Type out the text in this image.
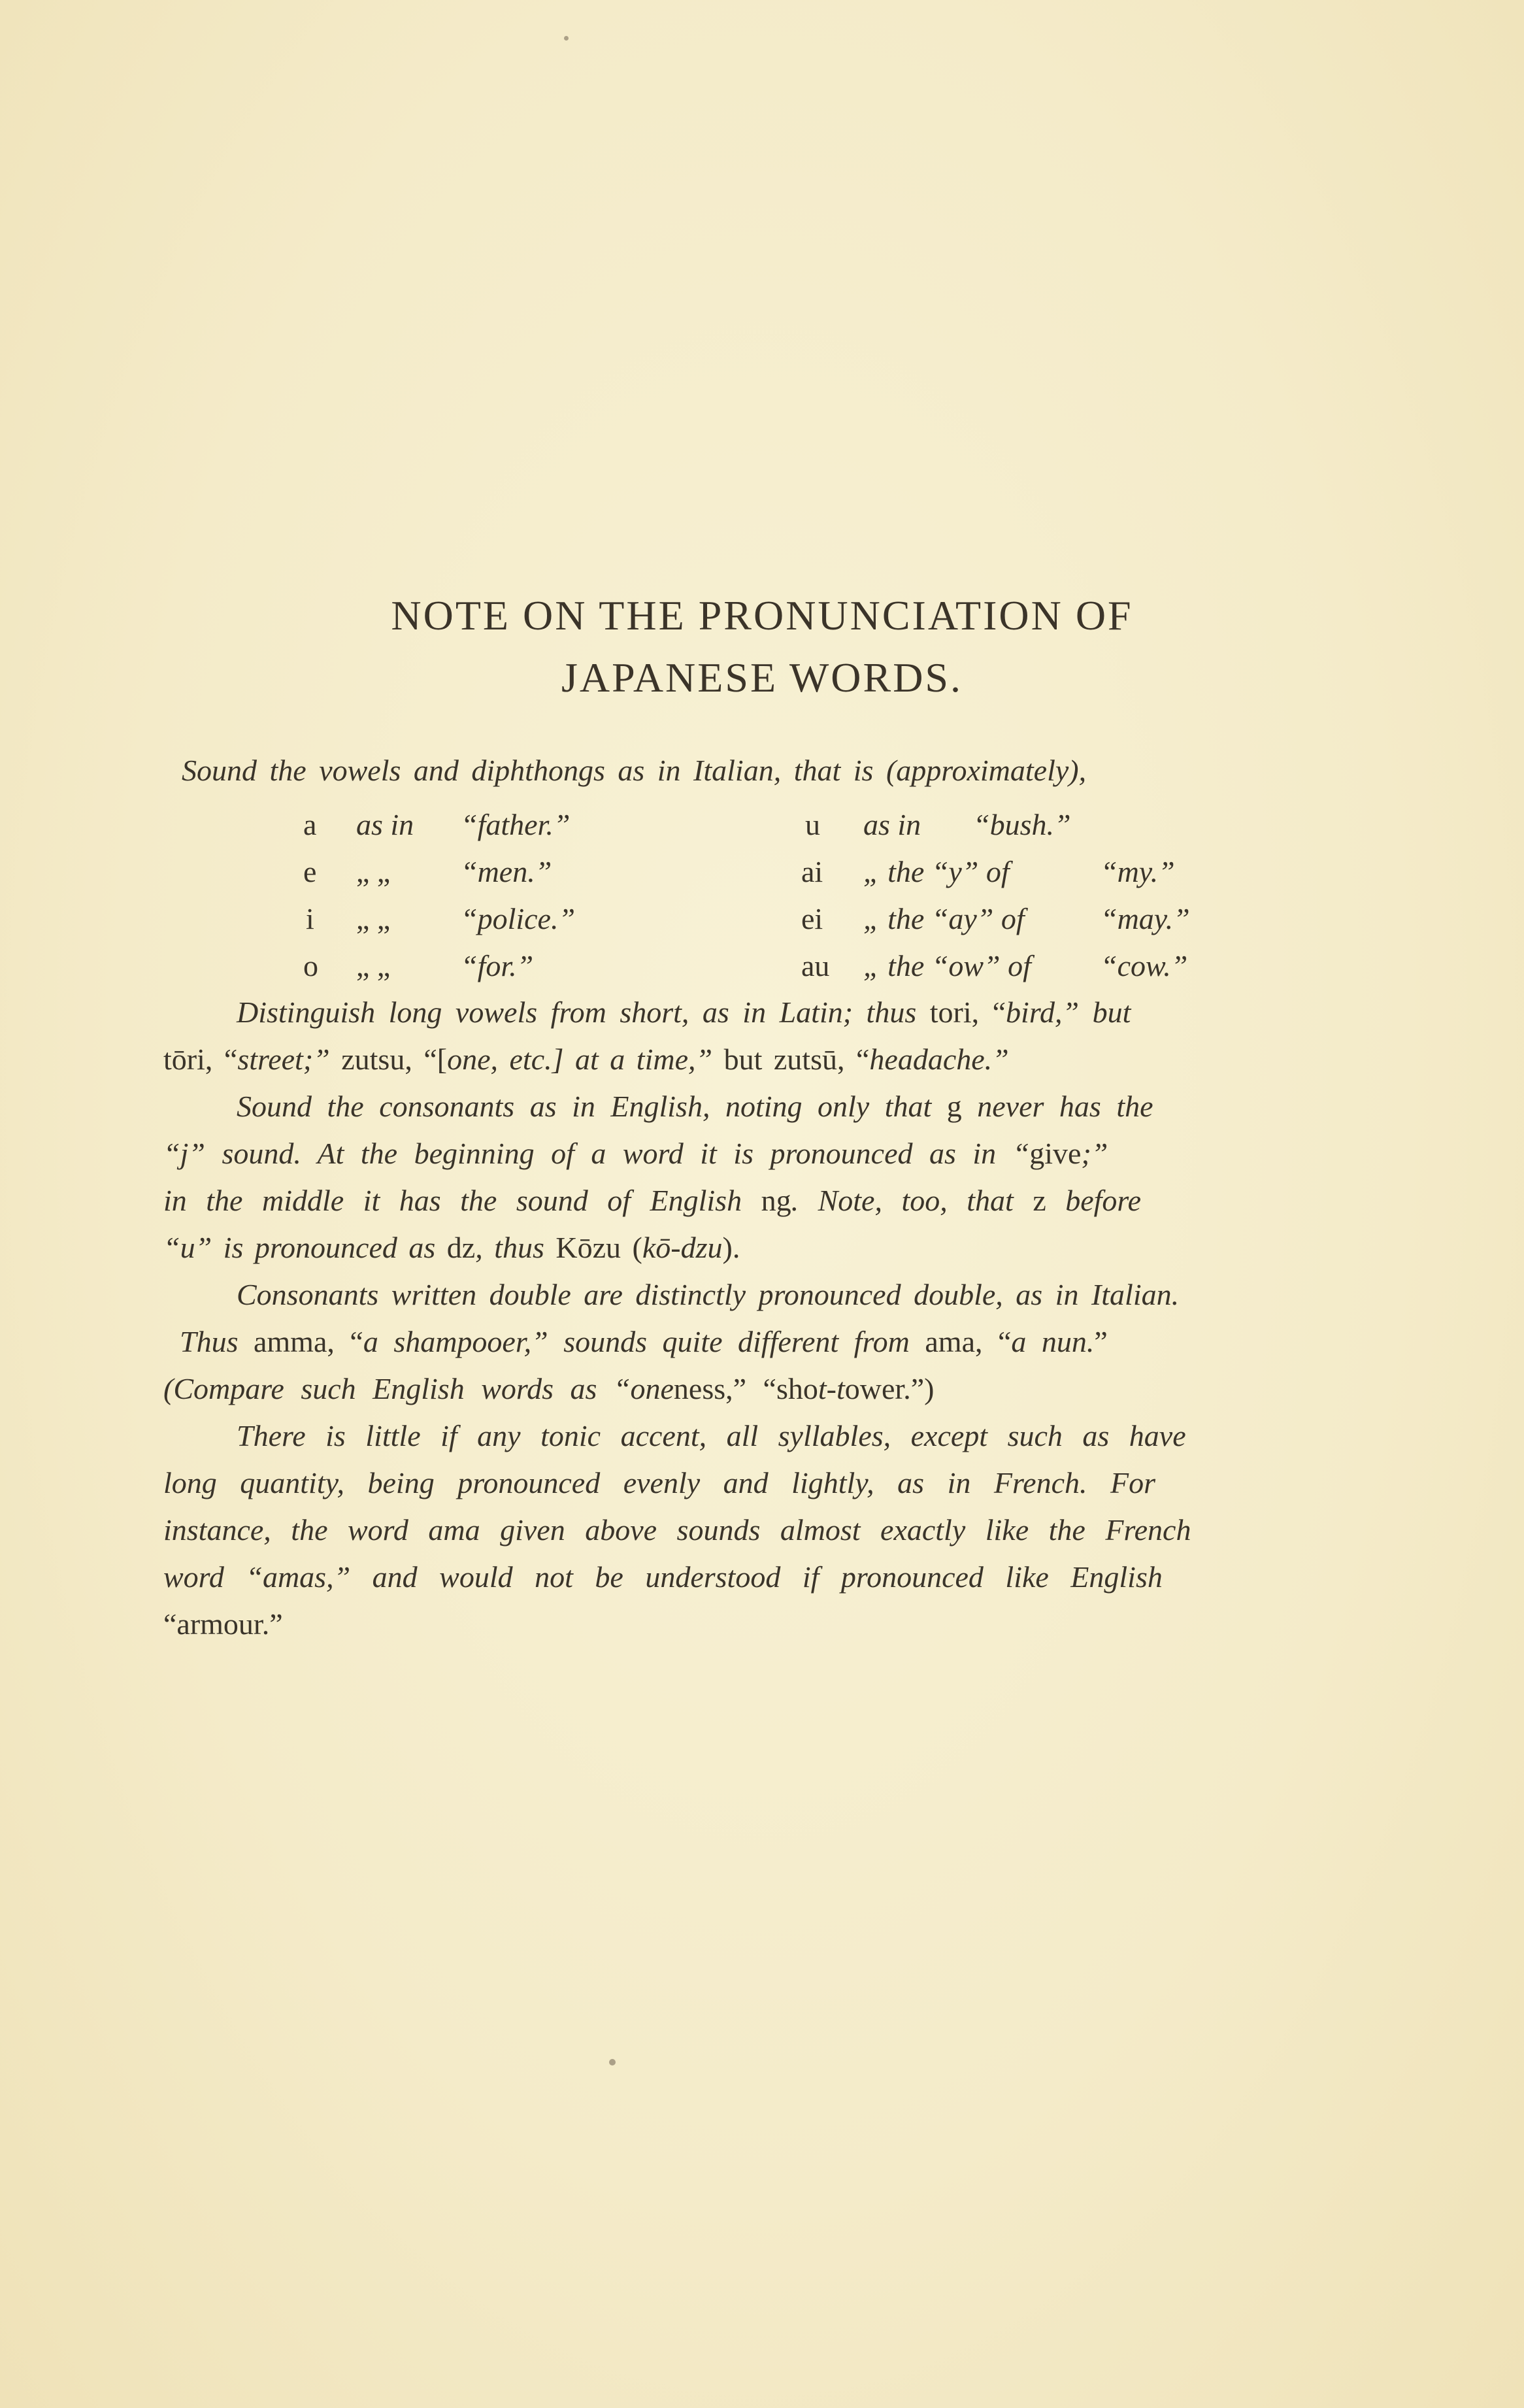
NOTE ON THE PRONUNCIATION OF
JAPANESE WORDS.
Sound the vowels and diphthongs as in Italian, that is (approximately),
a as in “father.”	u as in “bush.”
e „ „ “men.”	ai „ the “y” of	“my.”
i „ „ “police.”	ei „ the “ay” of	“may.”
o „ „ “for.”	au „ the “ow” of “cow.”
Distinguish long vowels from short, as in Latin; thus tori, “bird,” but
tōri, “street;” zutsu, “[one, etc.] at a time,” but zutsū, “headache.”
Sound the consonants as in English, noting only that g never has the
“j” sound. At the beginning of a word it is pronounced as in “give;”
in the middle it has the sound of English ng. Note, too, that z before
“u” is pronounced as dz, thus Kōzu (kō-dzu).
Consonants written double are distinctly pronounced double, as in Italian.
Thus amma, “a shampooer,” sounds quite different from ama, “a nun.”
(Compare such English words as “oneness,” “shot-tower.”)
There is little if any tonic accent, all syllables, except such as have
long quantity, being pronounced evenly and lightly, as in French. For
instance, the word ama given above sounds almost exactly like the French
word “amas,” and would not be understood if pronounced like English
“armour.”
